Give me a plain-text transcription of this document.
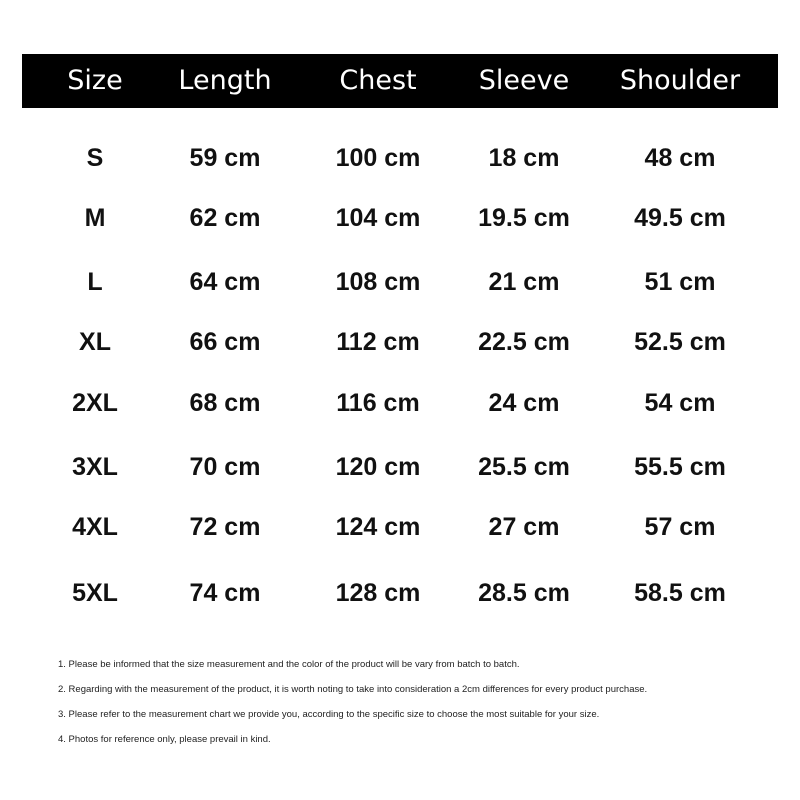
Size	Length	Chest	Sleeve	Shoulder
S	59 cm	100 cm	18 cm	48 cm
M	62 cm	104 cm	19.5 cm	49.5 cm
L	64 cm	108 cm	21 cm	51 cm
XL	66 cm	112 cm	22.5 cm	52.5 cm
2XL	68 cm	116 cm	24 cm	54 cm
3XL	70 cm	120 cm	25.5 cm	55.5 cm
4XL	72 cm	124 cm	27 cm	57 cm
5XL	74 cm	128 cm	28.5 cm	58.5 cm
1. Please be informed that the size measurement and the color of the product will be vary from batch to batch.
2. Regarding with the measurement of the product, it is worth noting to take into consideration a 2cm differences for every product purchase.
3. Please refer to the measurement chart we provide you, according to the specific size to choose the most suitable for your size.
4. Photos for reference only, please prevail in kind.
